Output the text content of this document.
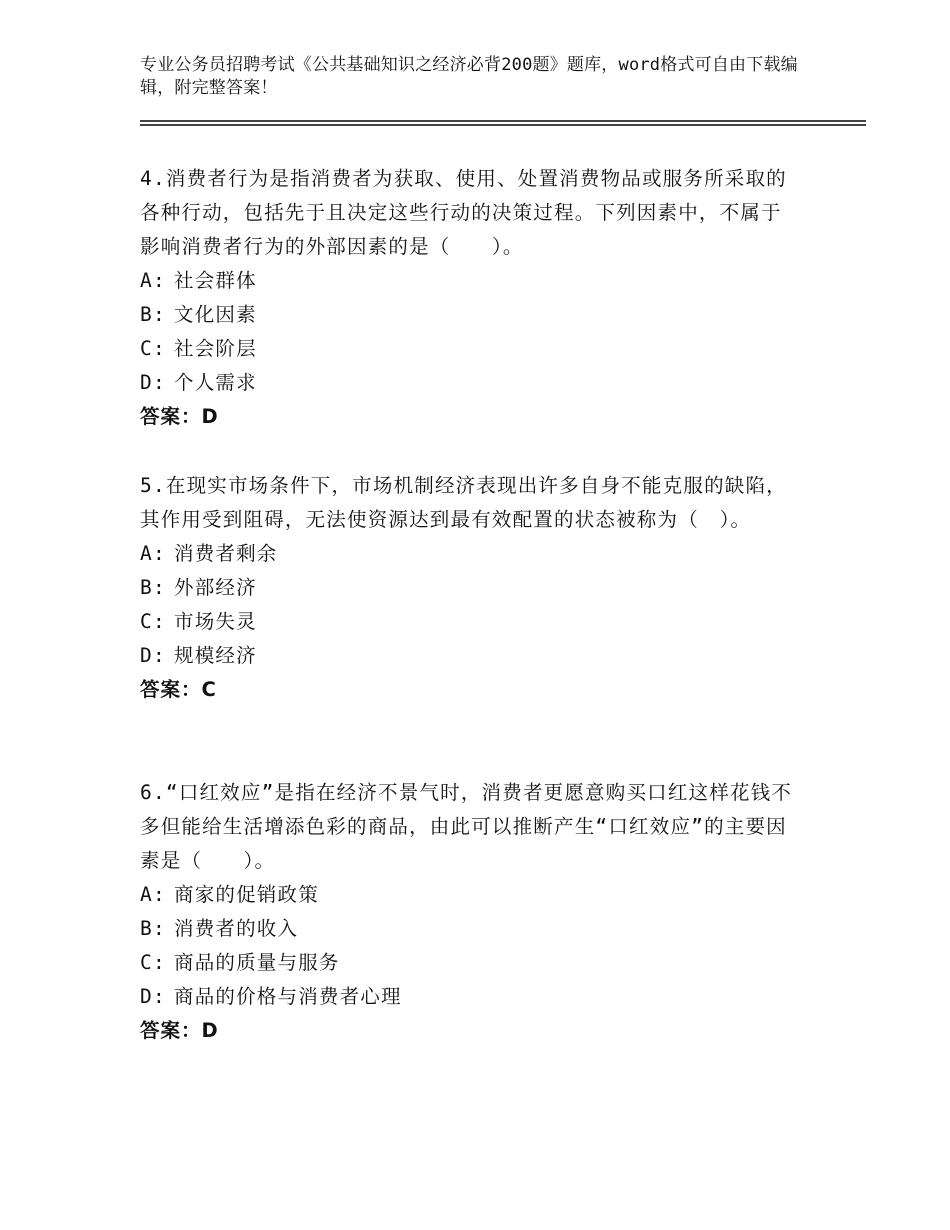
专业公务员招聘考试《公共基础知识之经济必背200题》题库，word格式可自由下载编辑，附完整答案！

4.消费者行为是指消费者为获取、使用、处置消费物品或服务所采取的各种行动，包括先于且决定这些行动的决策过程。下列因素中，不属于影响消费者行为的外部因素的是（　　）。

A: 社会群体
B: 文化因素
C: 社会阶层
D: 个人需求
答案：D

5.在现实市场条件下，市场机制经济表现出许多自身不能克服的缺陷，其作用受到阻碍，无法使资源达到最有效配置的状态被称为（　）。

A: 消费者剩余
B: 外部经济
C: 市场失灵
D: 规模经济
答案：C

6.“口红效应”是指在经济不景气时，消费者更愿意购买口红这样花钱不多但能给生活增添色彩的商品，由此可以推断产生“口红效应”的主要因素是（　　）。

A: 商家的促销政策
B: 消费者的收入
C: 商品的质量与服务
D: 商品的价格与消费者心理
答案：D
